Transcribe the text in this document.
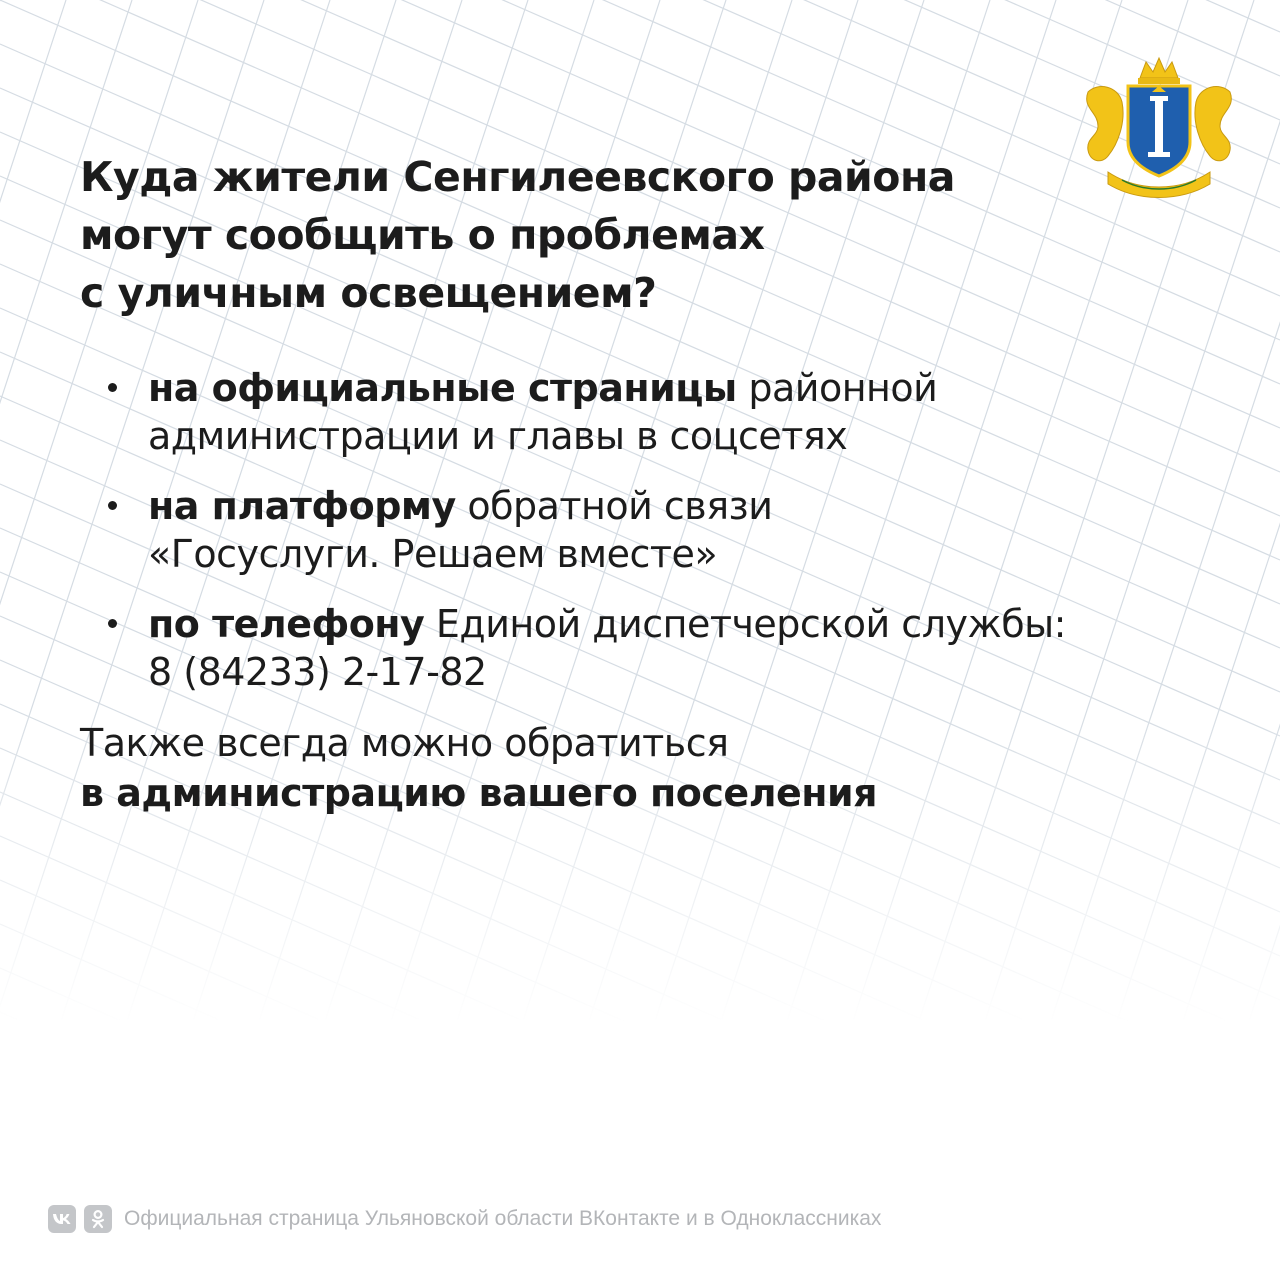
Куда жители Сенгилеевского района
могут сообщить о проблемах
с уличным освещением?
на официальные страницы районной
администрации и главы в соцсетях
на платформу обратной связи
«Госуслуги. Решаем вместе»
по телефону Единой диспетчерской службы:
8 (84233) 2-17-82
Также всегда можно обратиться
в администрацию вашего поселения
Официальная страница Ульяновской области ВКонтакте и в Одноклассниках
